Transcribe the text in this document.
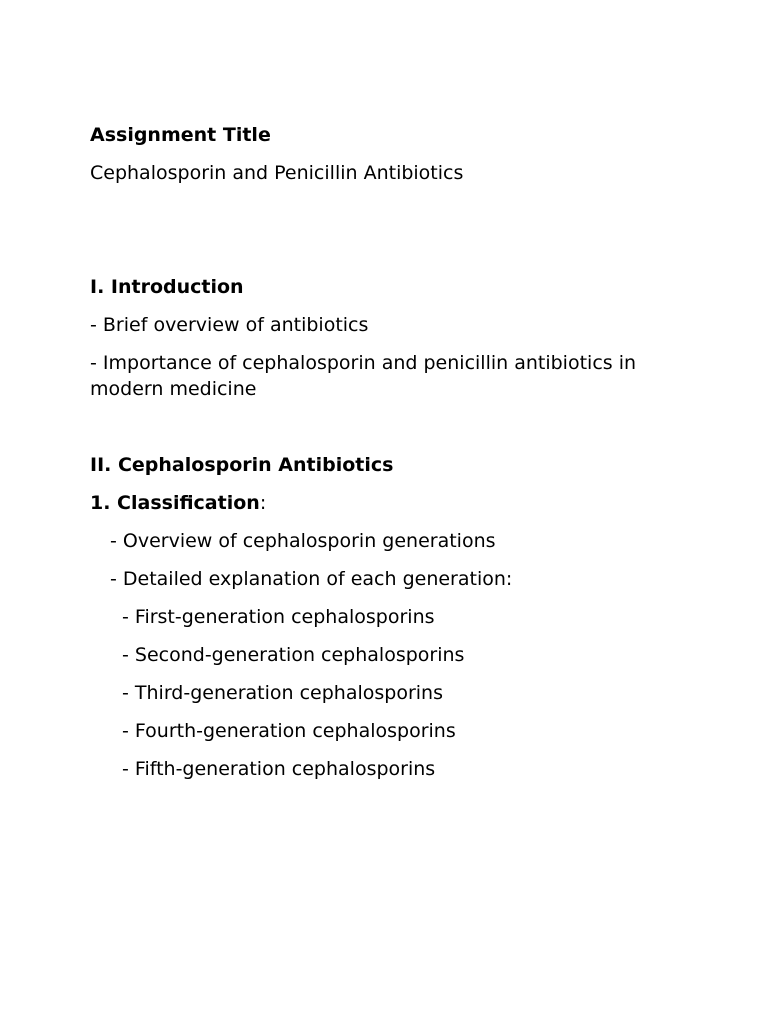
Assignment Title
Cephalosporin and Penicillin Antibiotics
I. Introduction
- Brief overview of antibiotics
- Importance of cephalosporin and penicillin antibiotics in modern medicine
II. Cephalosporin Antibiotics
1. Classification:
- Overview of cephalosporin generations
- Detailed explanation of each generation:
- First-generation cephalosporins
- Second-generation cephalosporins
- Third-generation cephalosporins
- Fourth-generation cephalosporins
- Fifth-generation cephalosporins
